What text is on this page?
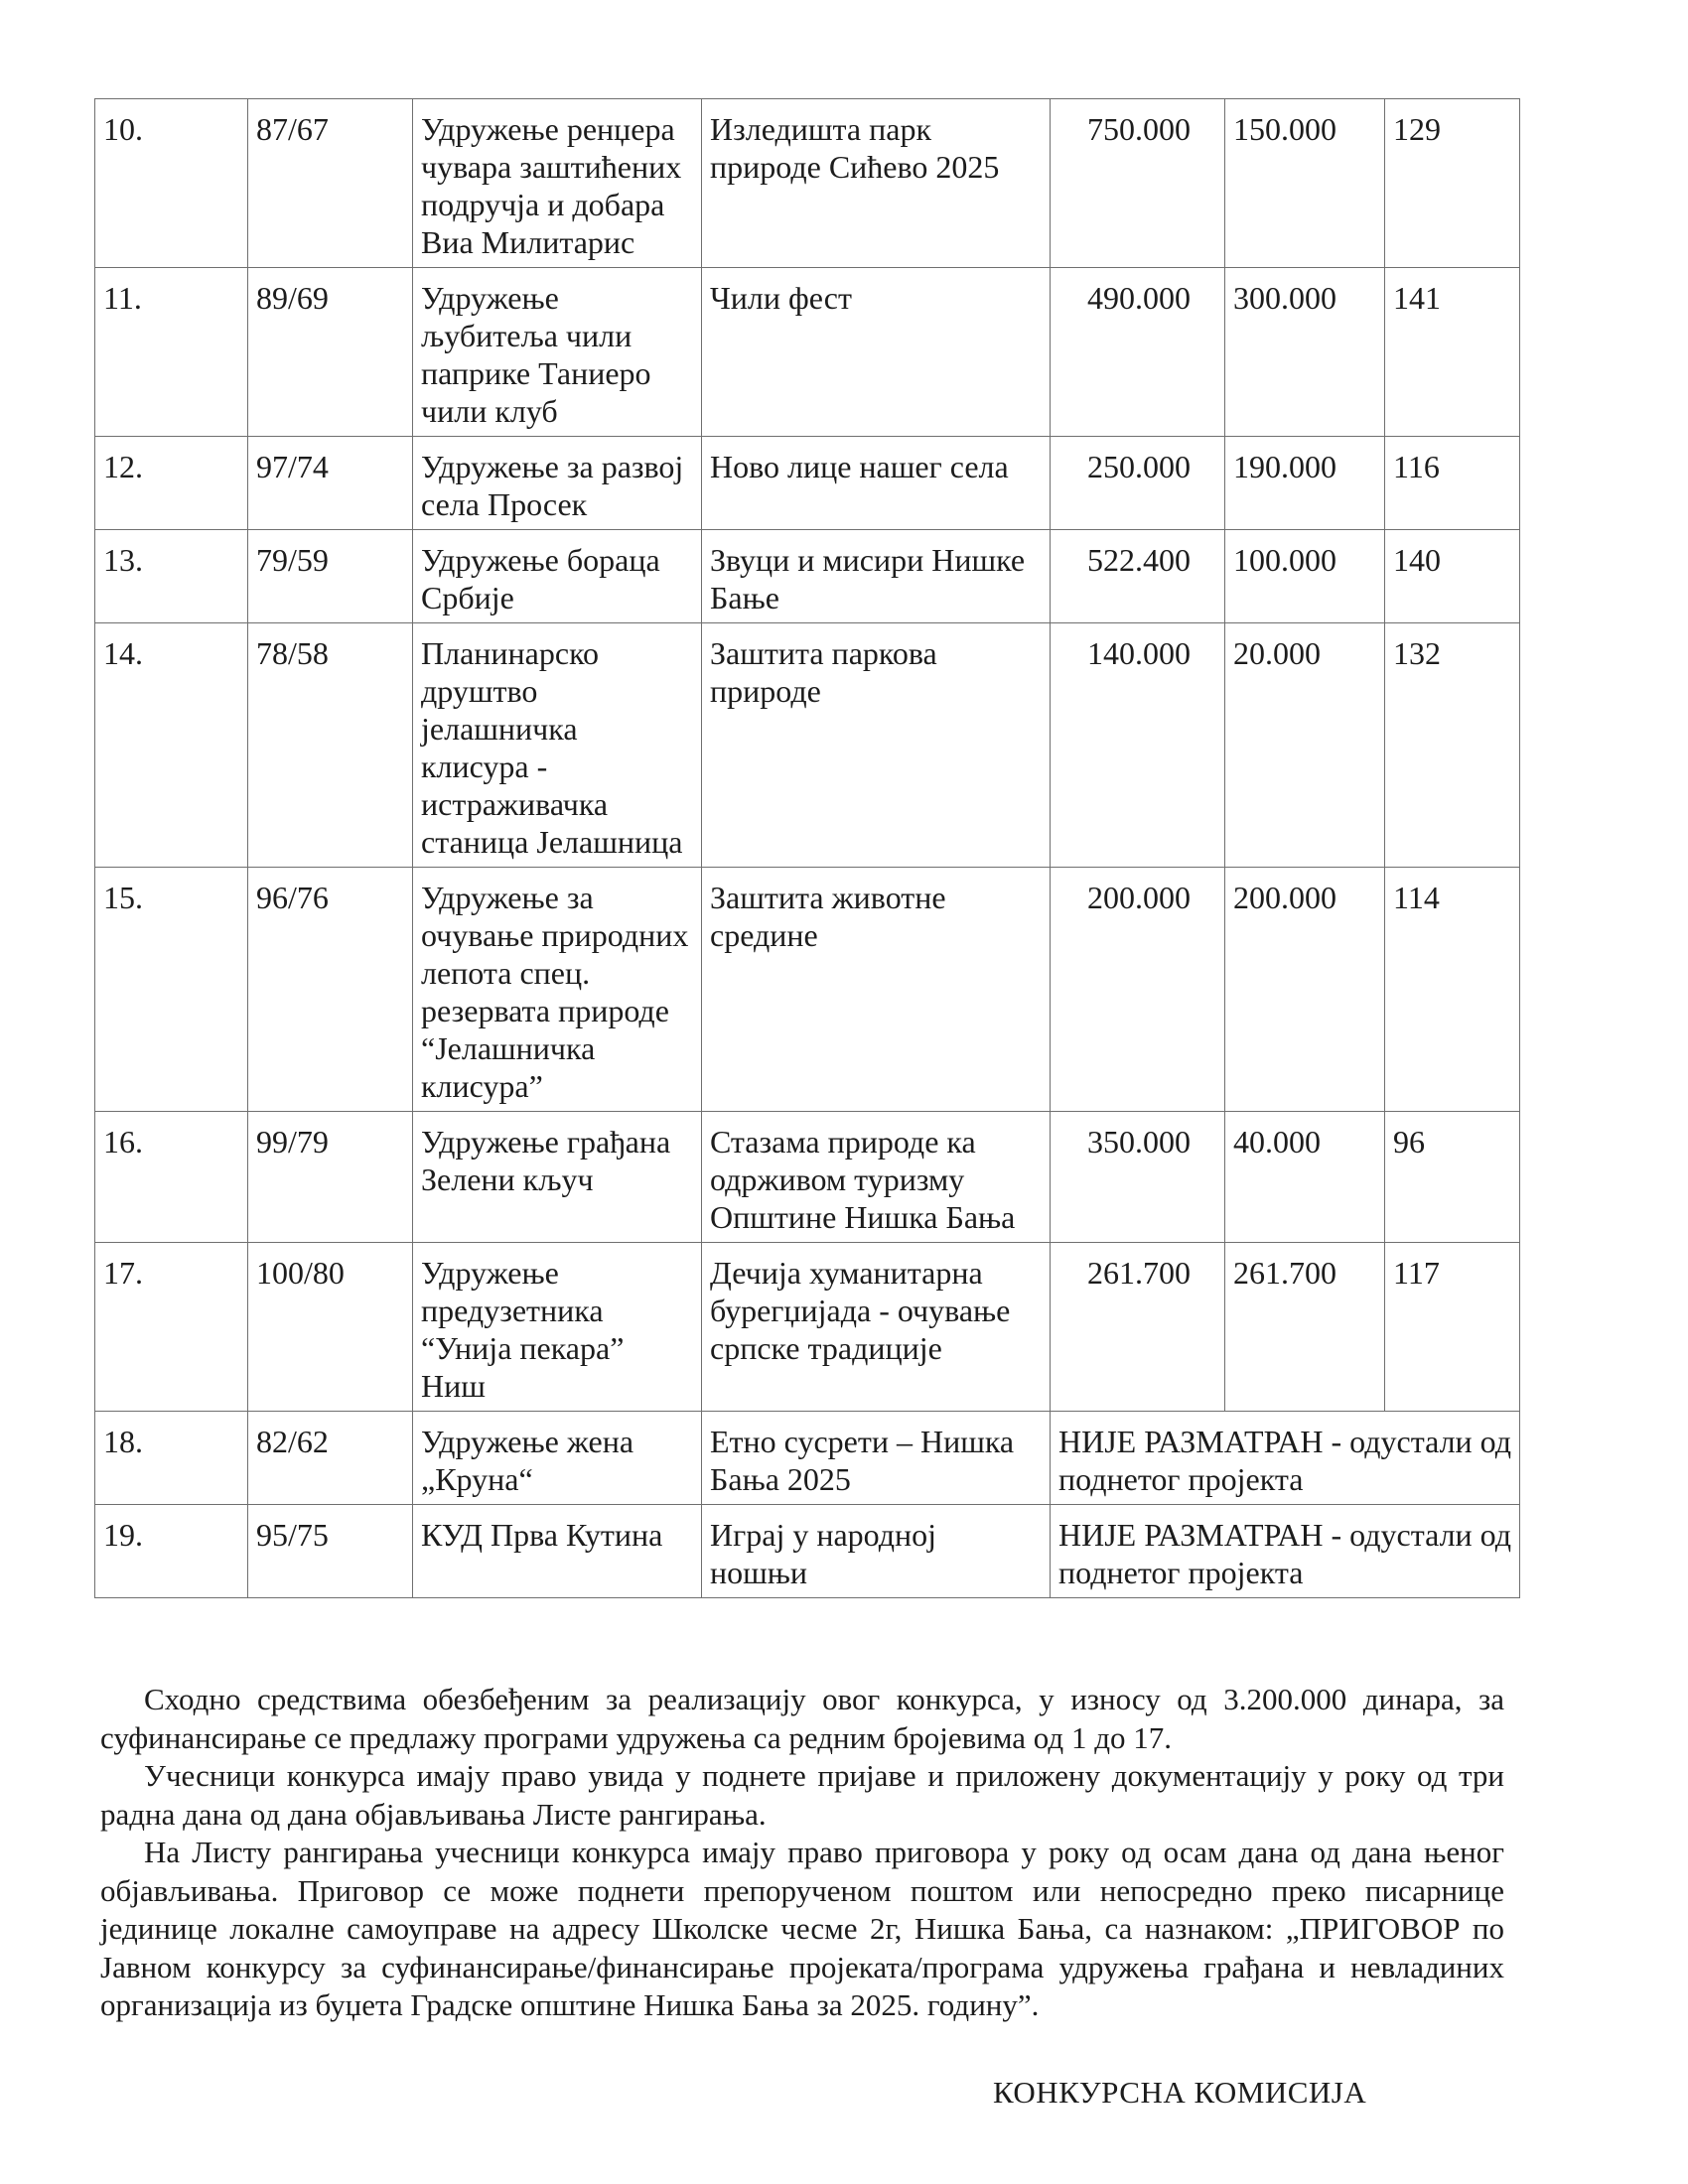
10.	87/67	Удружење ренџера чувара заштићених подручја и добара Виа Милитарис	Изледишта парк природе Сићево 2025	750.000	150.000	129
11.	89/69	Удружење љубитеља чили паприке Таниеро чили клуб	Чили фест	490.000	300.000	141
12.	97/74	Удружење за развој села Просек	Ново лице нашег села	250.000	190.000	116
13.	79/59	Удружење бораца Србије	Звуци и мисири Нишке Бање	522.400	100.000	140
14.	78/58	Планинарско друштво јелашничка клисура - истраживачка станица Јелашница	Заштита паркова природе	140.000	20.000	132
15.	96/76	Удружење за очување природних лепота спец. резервата природе “Јелашничка клисура”	Заштита животне средине	200.000	200.000	114
16.	99/79	Удружење грађана Зелени кључ	Стазама природе ка одрживом туризму Општине Нишка Бања	350.000	40.000	96
17.	100/80	Удружење предузетника “Унија пекара” Ниш	Дечија хуманитарна бурегџијада - очување српске традиције	261.700	261.700	117
18.	82/62	Удружење жена „Круна“	Етно сусрети – Нишка Бања 2025	НИЈЕ РАЗМАТРАН - одустали од поднетог пројекта		
19.	95/75	КУД Прва Кутина	Играј у народној ношњи	НИЈЕ РАЗМАТРАН - одустали од поднетог пројекта		

Сходно средствима обезбеђеним за реализацију овог конкурса, у износу од 3.200.000 динара, за суфинансирање се предлажу програми удружења са редним бројевима од 1 до 17.

Учесници конкурса имају право увида у поднете пријаве и приложену документацију у року од три радна дана од дана објављивања Листе рангирања.

На Листу рангирања учесници конкурса имају право приговора у року од осам дана од дана њеног објављивања. Приговор се може поднети препорученом поштом или непосредно преко писарнице јединице локалне самоуправе на адресу Школске чесме 2г, Нишка Бања, са назнаком: „ПРИГОВОР по Јавном конкурсу за суфинансирање/финансирање пројеката/програма удружења грађана и невладиних организација из буџета Градске општине Нишка Бања за 2025. годину”.

КОНКУРСНА КОМИСИЈА
